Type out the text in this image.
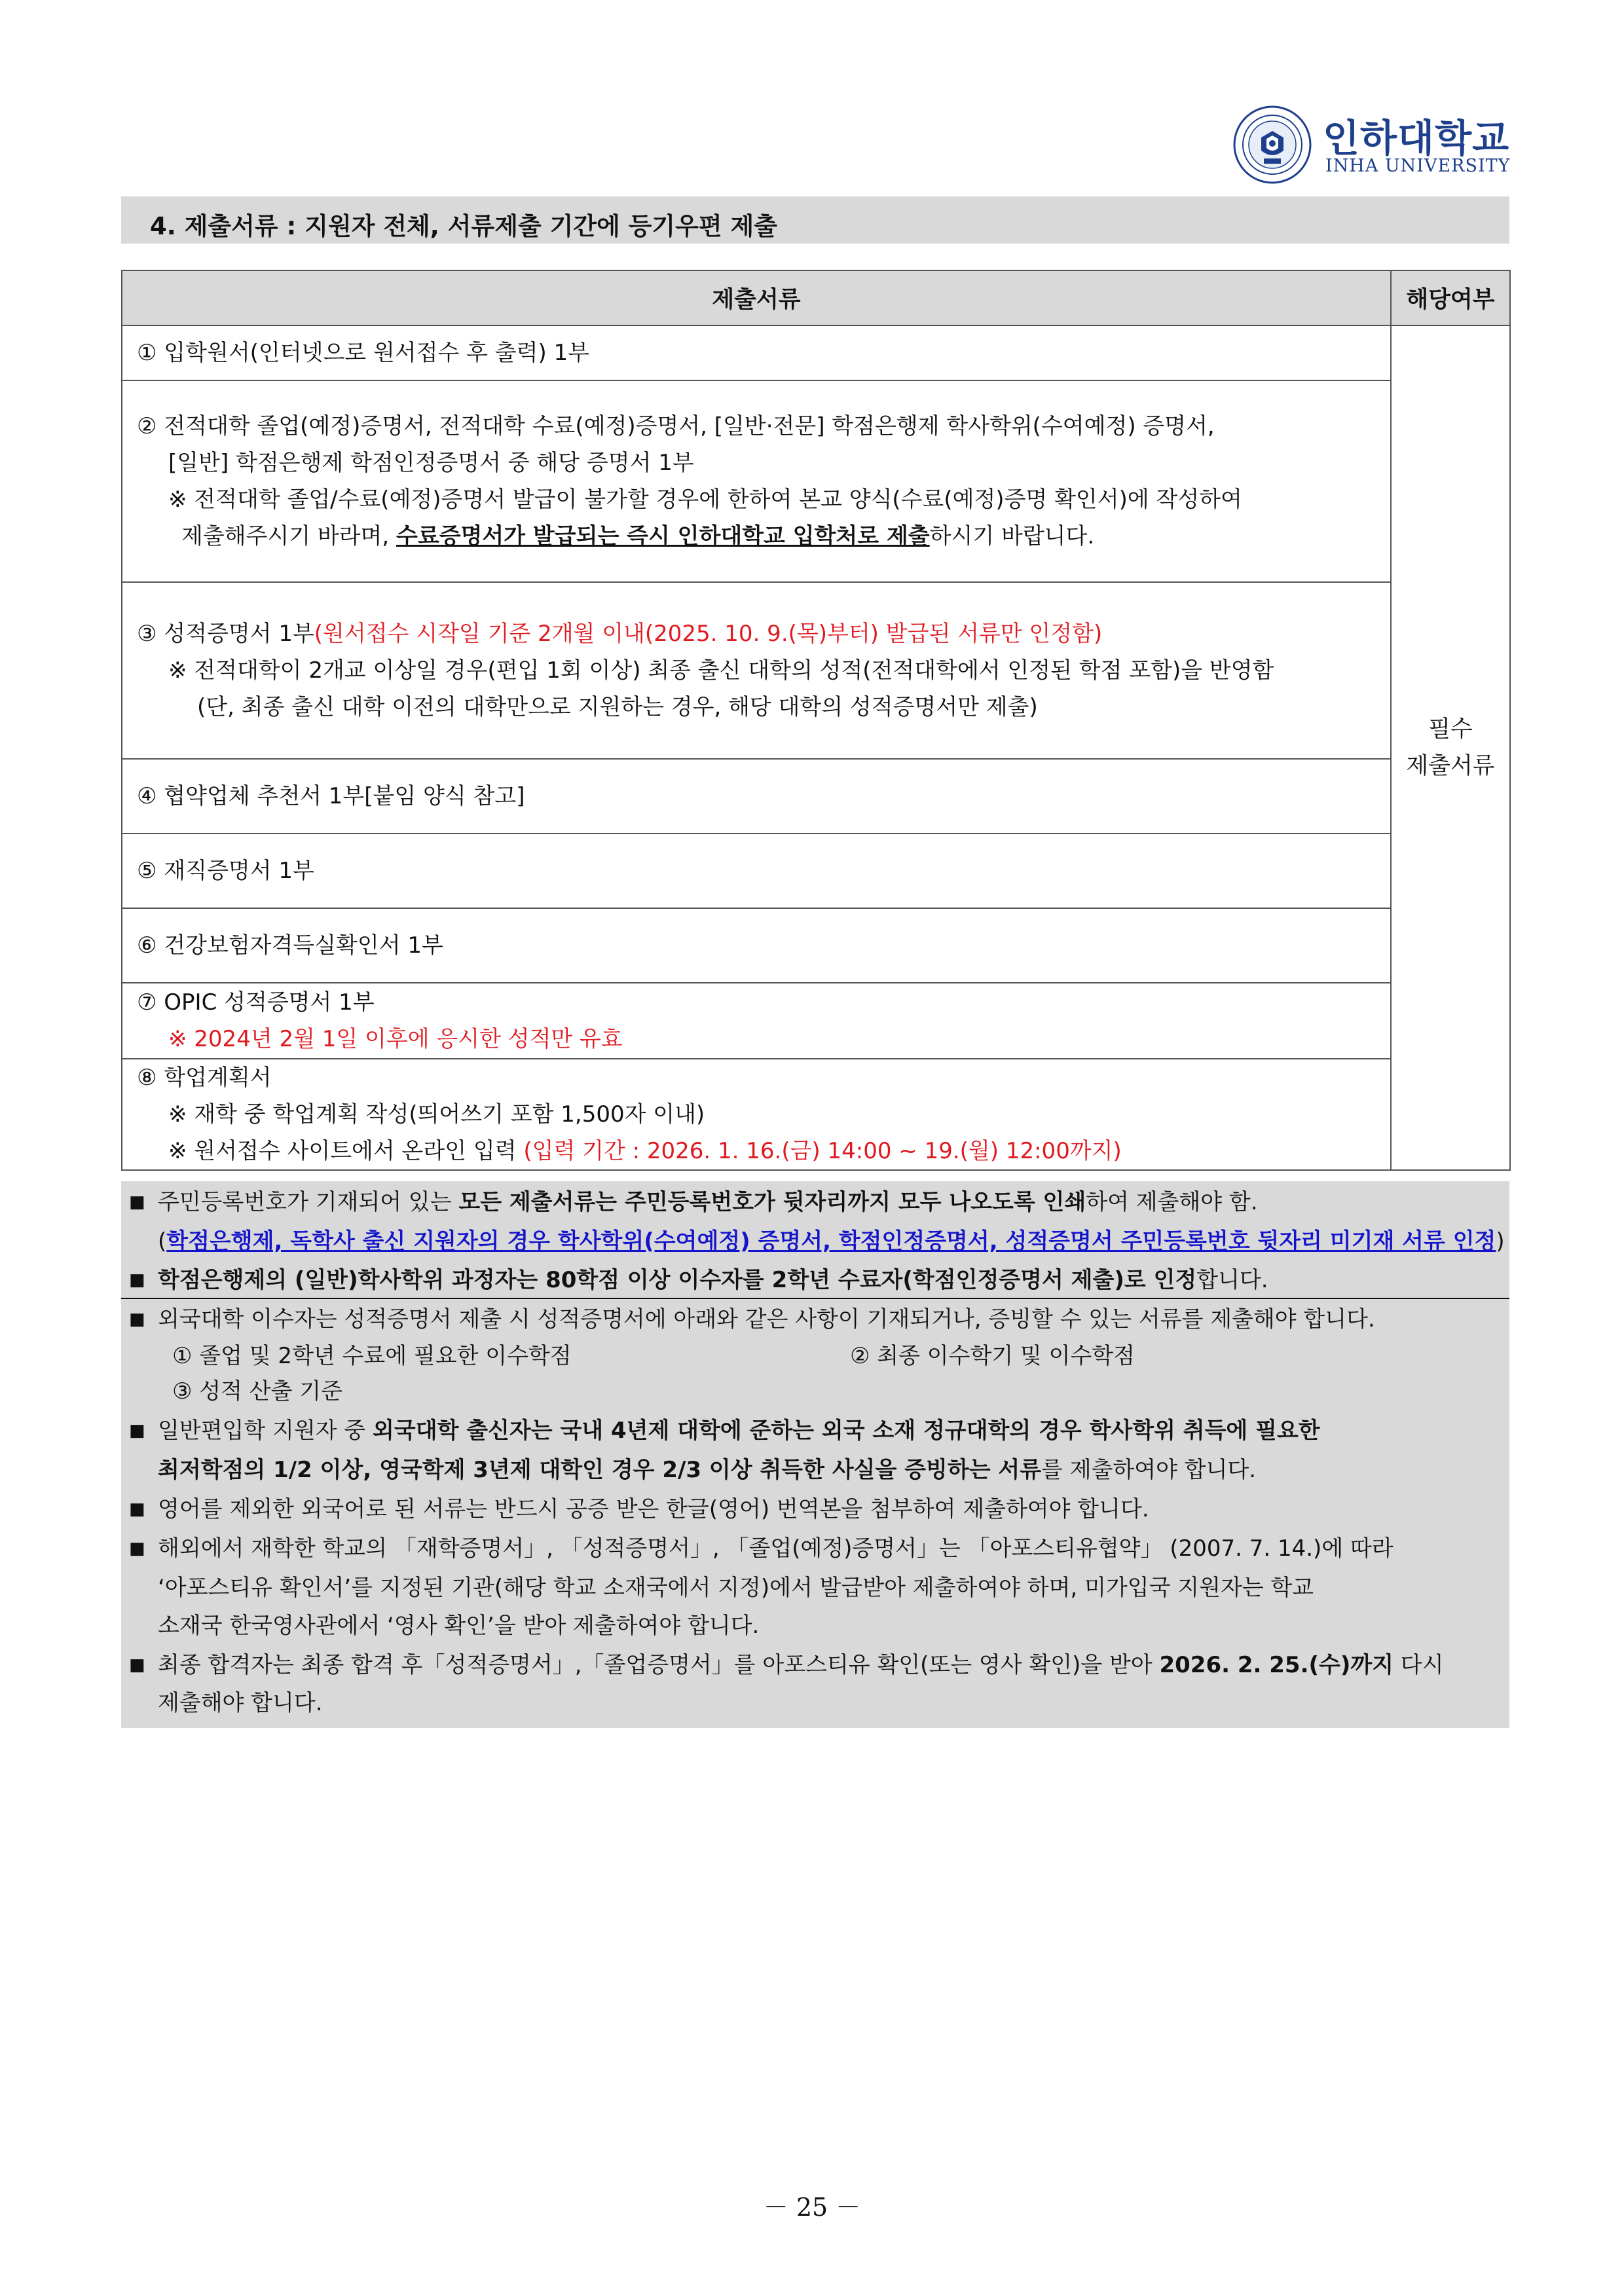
인하대학교
INHA UNIVERSITY
4. 제출서류 : 지원자 전체, 서류제출 기간에 등기우편 제출
제출서류	해당여부

① 입학원서(인터넷으로 원서접수 후 출력) 1부	필수
제출서류

② 전적대학 졸업(예정)증명서, 전적대학 수료(예정)증명서, [일반·전문] 학점은행제 학사학위(수여예정) 증명서,
[일반] 학점은행제 학점인정증명서 중 해당 증명서 1부
※ 전적대학 졸업/수료(예정)증명서 발급이 불가할 경우에 한하여 본교 양식(수료(예정)증명 확인서)에 작성하여
제출해주시기 바라며, 수료증명서가 발급되는 즉시 인하대학교 입학처로 제출하시기 바랍니다.	

③ 성적증명서 1부(원서접수 시작일 기준 2개월 이내(2025. 10. 9.(목)부터) 발급된 서류만 인정함)
※ 전적대학이 2개교 이상일 경우(편입 1회 이상) 최종 출신 대학의 성적(전적대학에서 인정된 학점 포함)을 반영함
(단, 최종 출신 대학 이전의 대학만으로 지원하는 경우, 해당 대학의 성적증명서만 제출)	

④ 협약업체 추천서 1부[붙임 양식 참고]	

⑤ 재직증명서 1부	

⑥ 건강보험자격득실확인서 1부	

⑦ OPIC 성적증명서 1부
※ 2024년 2월 1일 이후에 응시한 성적만 유효	

⑧ 학업계획서
※ 재학 중 학업계획 작성(띄어쓰기 포함 1,500자 이내)
※ 원서접수 사이트에서 온라인 입력 (입력 기간 : 2026. 1. 16.(금) 14:00 ~ 19.(월) 12:00까지)	
■ 주민등록번호가 기재되어 있는 모든 제출서류는 주민등록번호가 뒷자리까지 모두 나오도록 인쇄하여 제출해야 함.
(학점은행제, 독학사 출신 지원자의 경우 학사학위(수여예정) 증명서, 학점인정증명서, 성적증명서 주민등록번호 뒷자리 미기재 서류 인정)
■ 학점은행제의 (일반)학사학위 과정자는 80학점 이상 이수자를 2학년 수료자(학점인정증명서 제출)로 인정합니다.
■ 외국대학 이수자는 성적증명서 제출 시 성적증명서에 아래와 같은 사항이 기재되거나, 증빙할 수 있는 서류를 제출해야 합니다.
① 졸업 및 2학년 수료에 필요한 이수학점	② 최종 이수학기 및 이수학점
③ 성적 산출 기준
■ 일반편입학 지원자 중 외국대학 출신자는 국내 4년제 대학에 준하는 외국 소재 정규대학의 경우 학사학위 취득에 필요한
최저학점의 1/2 이상, 영국학제 3년제 대학인 경우 2/3 이상 취득한 사실을 증빙하는 서류를 제출하여야 합니다.
■ 영어를 제외한 외국어로 된 서류는 반드시 공증 받은 한글(영어) 번역본을 첨부하여 제출하여야 합니다.
■ 해외에서 재학한 학교의 「재학증명서」, 「성적증명서」, 「졸업(예정)증명서」는 「아포스티유협약」 (2007. 7. 14.)에 따라
‘아포스티유 확인서’를 지정된 기관(해당 학교 소재국에서 지정)에서 발급받아 제출하여야 하며, 미가입국 지원자는 학교
소재국 한국영사관에서 ‘영사 확인’을 받아 제출하여야 합니다.
■ 최종 합격자는 최종 합격 후「성적증명서」,「졸업증명서」를 아포스티유 확인(또는 영사 확인)을 받아 2026. 2. 25.(수)까지 다시
제출해야 합니다.
－ 25 －
